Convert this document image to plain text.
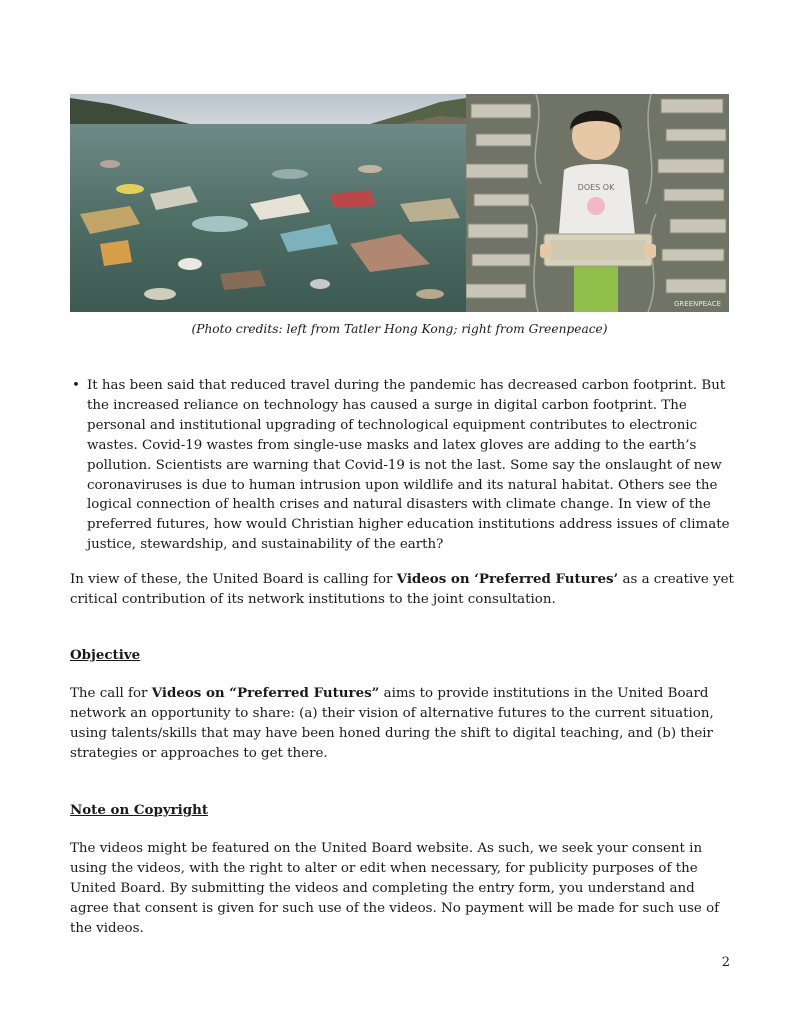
DOES OK
GREENPEACE
(Photo credits: left from Tatler Hong Kong; right from Greenpeace)
• It has been said that reduced travel during the pandemic has decreased carbon footprint. But the increased reliance on technology has caused a surge in digital carbon footprint. The personal and institutional upgrading of technological equipment contributes to electronic wastes. Covid-19 wastes from single-use masks and latex gloves are adding to the earth’s pollution. Scientists are warning that Covid-19 is not the last. Some say the onslaught of new coronaviruses is due to human intrusion upon wildlife and its natural habitat. Others see the logical connection of health crises and natural disasters with climate change. In view of the preferred futures, how would Christian higher education institutions address issues of climate justice, stewardship, and sustainability of the earth?
In view of these, the United Board is calling for Videos on ‘Preferred Futures’ as a creative yet critical contribution of its network institutions to the joint consultation.
Objective
The call for Videos on “Preferred Futures” aims to provide institutions in the United Board network an opportunity to share: (a) their vision of alternative futures to the current situation, using talents/skills that may have been honed during the shift to digital teaching, and (b) their strategies or approaches to get there.
Note on Copyright
The videos might be featured on the United Board website. As such, we seek your consent in using the videos, with the right to alter or edit when necessary, for publicity purposes of the United Board. By submitting the videos and completing the entry form, you understand and agree that consent is given for such use of the videos. No payment will be made for such use of the videos.
2
